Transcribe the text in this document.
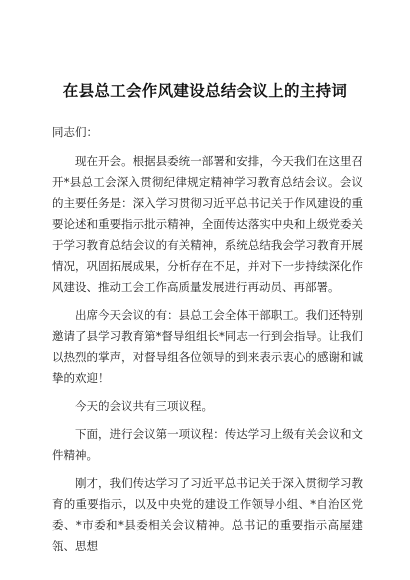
在县总工会作风建设总结会议上的主持词

同志们：

现在开会。根据县委统一部署和安排，今天我们在这里召开*县总工会深入贯彻纪律规定精神学习教育总结会议。会议的主要任务是：深入学习贯彻习近平总书记关于作风建设的重要论述和重要指示批示精神，全面传达落实中央和上级党委关于学习教育总结会议的有关精神，系统总结我会学习教育开展情况，巩固拓展成果，分析存在不足，并对下一步持续深化作风建设、推动工会工作高质量发展进行再动员、再部署。

出席今天会议的有：县总工会全体干部职工。我们还特别邀请了县学习教育第*督导组组长*同志一行到会指导。让我们以热烈的掌声，对督导组各位领导的到来表示衷心的感谢和诚挚的欢迎！

今天的会议共有三项议程。

下面，进行会议第一项议程：传达学习上级有关会议和文件精神。

刚才，我们传达学习了习近平总书记关于深入贯彻学习教育的重要指示，以及中央党的建设工作领导小组、*自治区党委、*市委和*县委相关会议精神。总书记的重要指示高屋建瓴、思想
